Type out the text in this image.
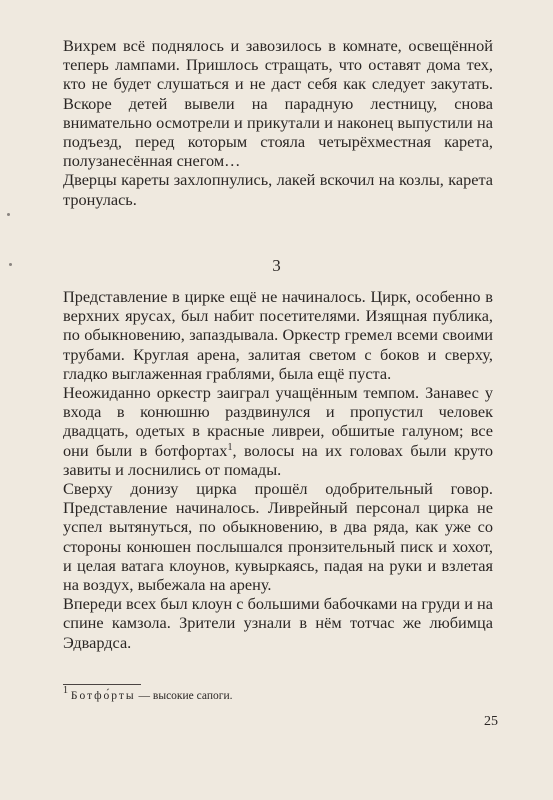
Вихрем всё поднялось и завозилось в комнате, освещённой теперь лампами. Пришлось стращать, что оставят дома тех, кто не будет слушаться и не даст себя как следует закутать. Вскоре детей вывели на парадную лестницу, снова внимательно осмотрели и прикутали и наконец выпустили на подъезд, перед которым стояла четырёхместная карета, полузанесённая снегом…

Дверцы кареты захлопнулись, лакей вскочил на козлы, карета тронулась.

3

Представление в цирке ещё не начиналось. Цирк, особенно в верхних ярусах, был набит посетителями. Изящная публика, по обыкновению, запаздывала. Оркестр гремел всеми своими трубами. Круглая арена, залитая светом с боков и сверху, гладко выглаженная граблями, была ещё пуста.

Неожиданно оркестр заиграл учащённым темпом. Занавес у входа в конюшню раздвинулся и пропустил человек двадцать, одетых в красные ливреи, обшитые галуном; все они были в ботфортах$^1$, волосы на их головах были круто завиты и лоснились от помады.

Сверху донизу цирка прошёл одобрительный говор. Представление начиналось. Ливрейный персонал цирка не успел вытянуться, по обыкновению, в два ряда, как уже со стороны конюшен послышался пронзительный писк и хохот, и целая ватага клоунов, кувыркаясь, падая на руки и взлетая на воздух, выбежала на арену.

Впереди всех был клоун с большими бабочками на груди и на спине камзола. Зрители узнали в нём тотчас же любимца Эдвардса.

$^1$ Ботфо́рты — высокие сапоги.
25
